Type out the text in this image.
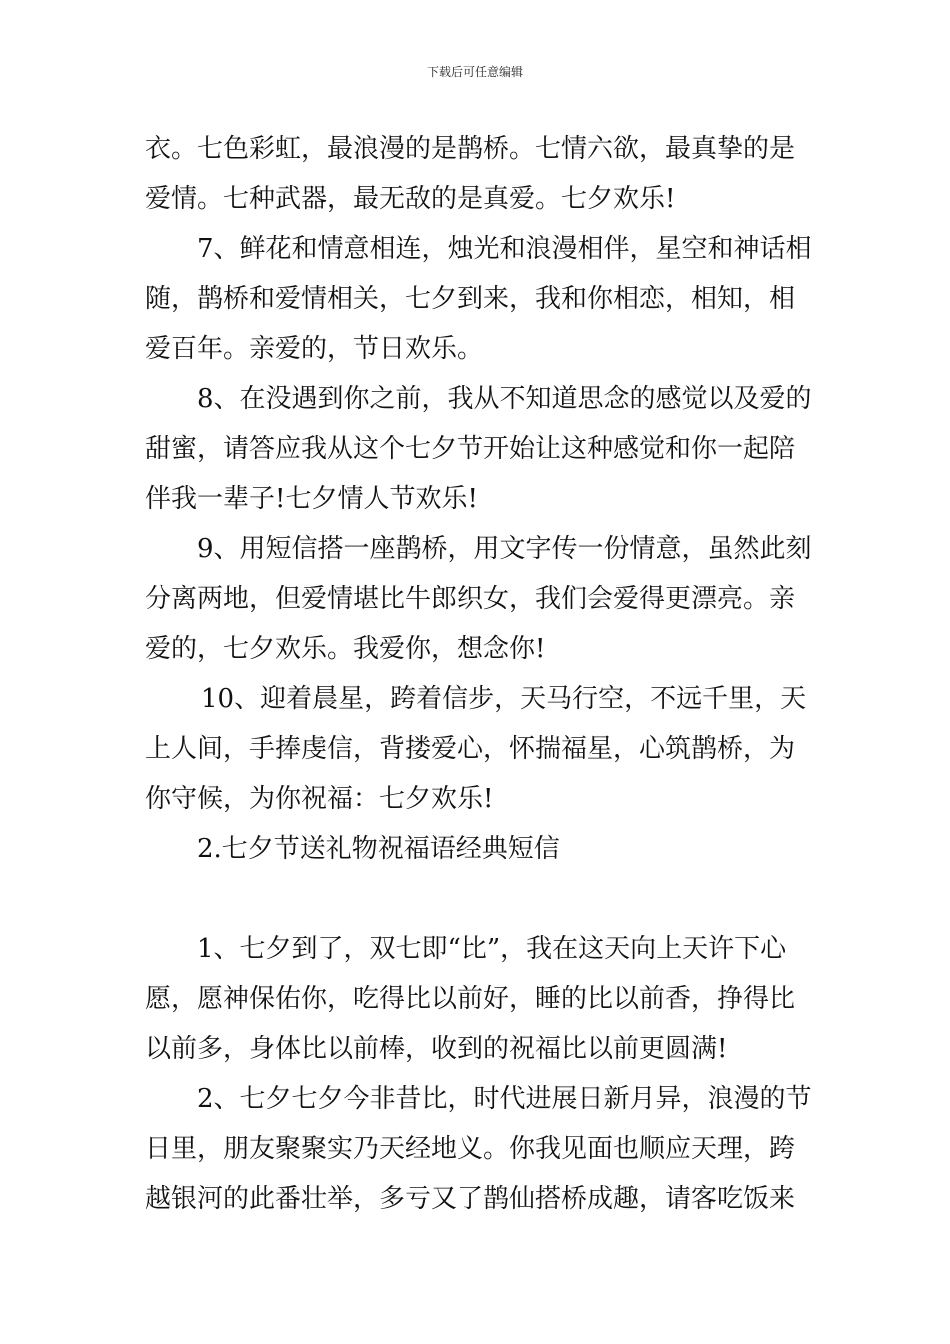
下载后可任意编辑
衣。七色彩虹，最浪漫的是鹊桥。七情六欲，最真挚的是
爱情。七种武器，最无敌的是真爱。七夕欢乐!
7、鲜花和情意相连，烛光和浪漫相伴，星空和神话相
随，鹊桥和爱情相关，七夕到来，我和你相恋，相知，相
爱百年。亲爱的，节日欢乐。
8、在没遇到你之前，我从不知道思念的感觉以及爱的
甜蜜，请答应我从这个七夕节开始让这种感觉和你一起陪
伴我一辈子!七夕情人节欢乐!
9、用短信搭一座鹊桥，用文字传一份情意，虽然此刻
分离两地，但爱情堪比牛郎织女，我们会爱得更漂亮。亲
爱的，七夕欢乐。我爱你，想念你!
10、迎着晨星，跨着信步，天马行空，不远千里，天
上人间，手捧虔信，背搂爱心，怀揣福星，心筑鹊桥，为
你守候，为你祝福：七夕欢乐!
2.七夕节送礼物祝福语经典短信
1、七夕到了，双七即“比”，我在这天向上天许下心
愿，愿神保佑你，吃得比以前好，睡的比以前香，挣得比
以前多，身体比以前棒，收到的祝福比以前更圆满!
2、七夕七夕今非昔比，时代进展日新月异，浪漫的节
日里，朋友聚聚实乃天经地义。你我见面也顺应天理，跨
越银河的此番壮举，多亏又了鹊仙搭桥成趣，请客吃饭来
